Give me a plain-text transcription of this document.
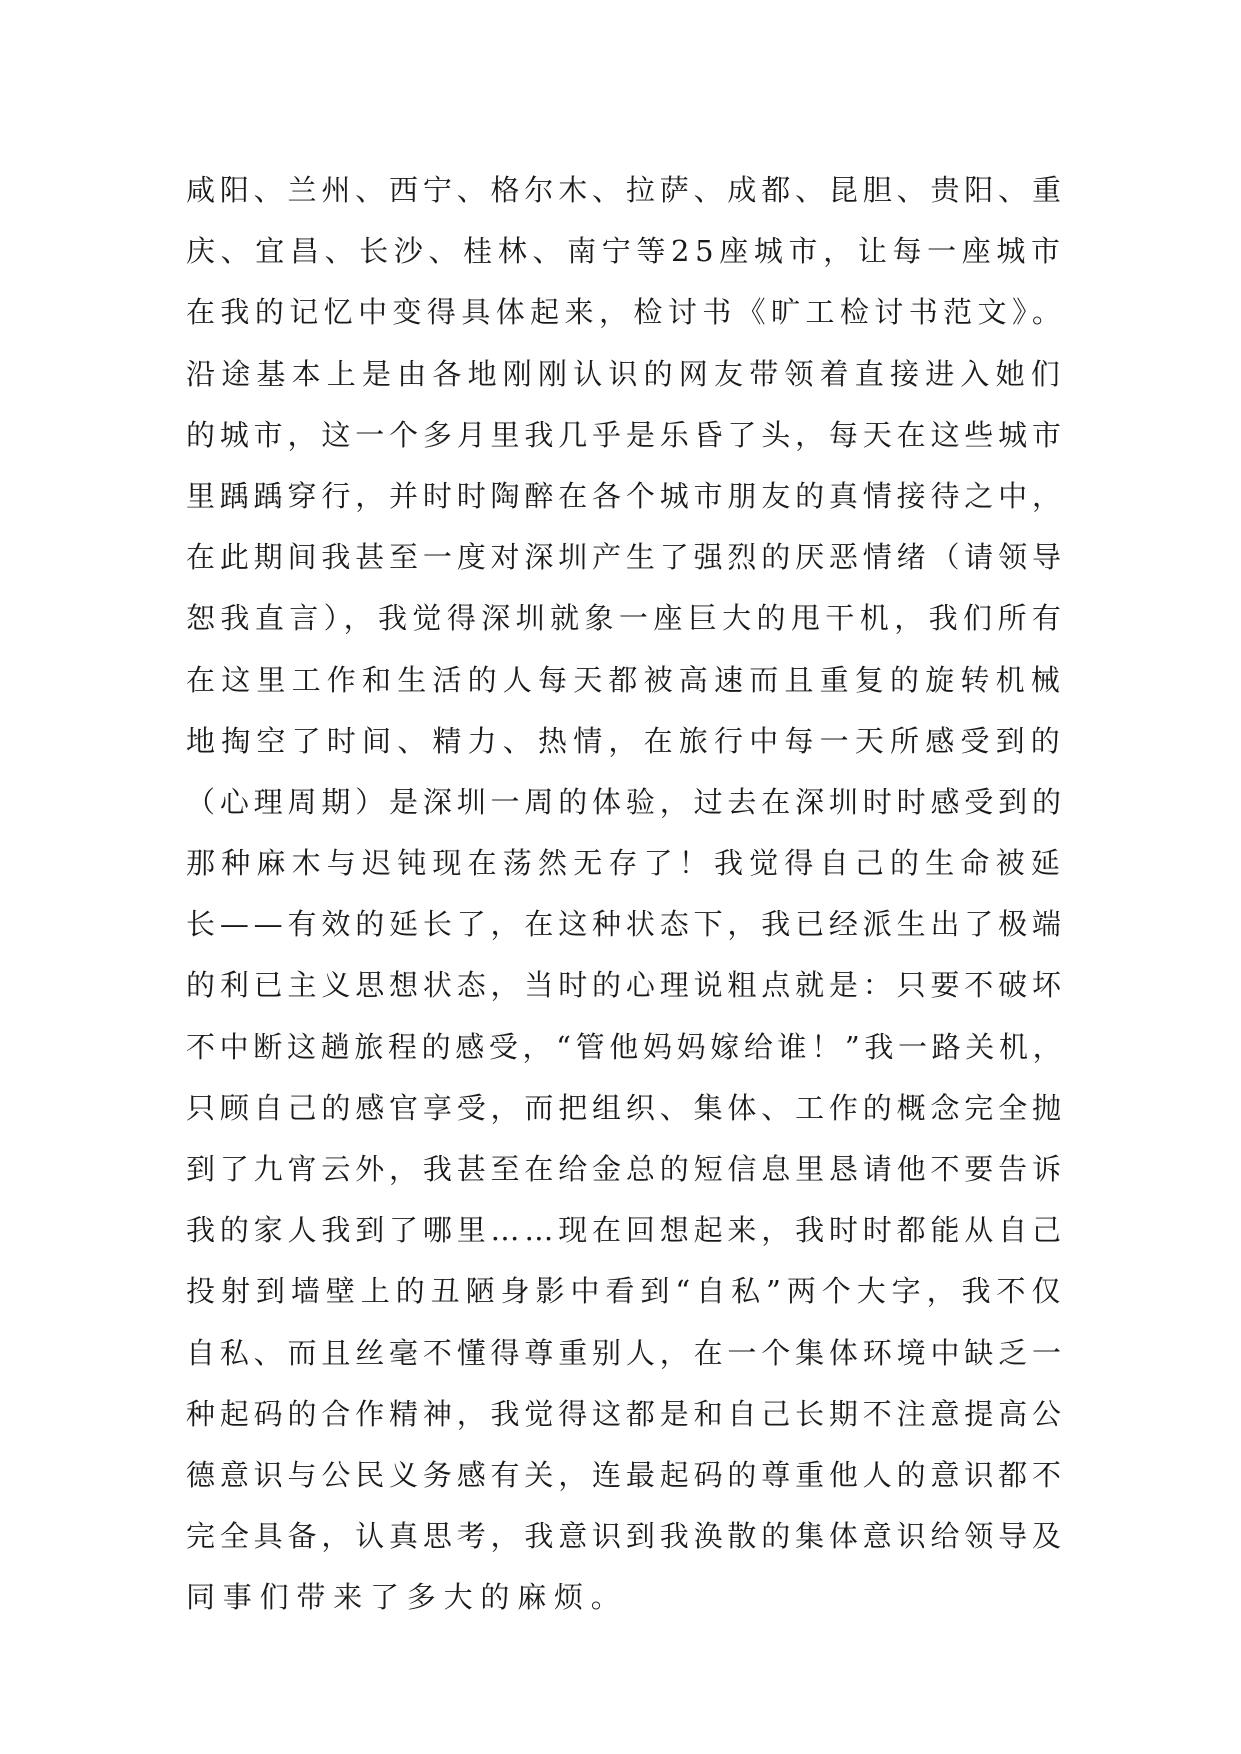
咸阳、兰州、西宁、格尔木、拉萨、成都、昆胆、贵阳、重
庆、宜昌、长沙、桂林、南宁等25座城市，让每一座城市
在我的记忆中变得具体起来，检讨书《旷工检讨书范文》。
沿途基本上是由各地刚刚认识的网友带领着直接进入她们
的城市，这一个多月里我几乎是乐昏了头，每天在这些城市
里踽踽穿行，并时时陶醉在各个城市朋友的真情接待之中，
在此期间我甚至一度对深圳产生了强烈的厌恶情绪（请领导
恕我直言），我觉得深圳就象一座巨大的甩干机，我们所有
在这里工作和生活的人每天都被高速而且重复的旋转机械
地掏空了时间、精力、热情，在旅行中每一天所感受到的
（心理周期）是深圳一周的体验，过去在深圳时时感受到的
那种麻木与迟钝现在荡然无存了！我觉得自己的生命被延
长——有效的延长了，在这种状态下，我已经派生出了极端
的利已主义思想状态，当时的心理说粗点就是：只要不破坏
不中断这趟旅程的感受，“管他妈妈嫁给谁！”我一路关机，
只顾自己的感官享受，而把组织、集体、工作的概念完全抛
到了九宵云外，我甚至在给金总的短信息里恳请他不要告诉
我的家人我到了哪里……现在回想起来，我时时都能从自己
投射到墙壁上的丑陋身影中看到“自私”两个大字，我不仅
自私、而且丝毫不懂得尊重别人，在一个集体环境中缺乏一
种起码的合作精神，我觉得这都是和自己长期不注意提高公
德意识与公民义务感有关，连最起码的尊重他人的意识都不
完全具备，认真思考，我意识到我涣散的集体意识给领导及
同事们带来了多大的麻烦。
